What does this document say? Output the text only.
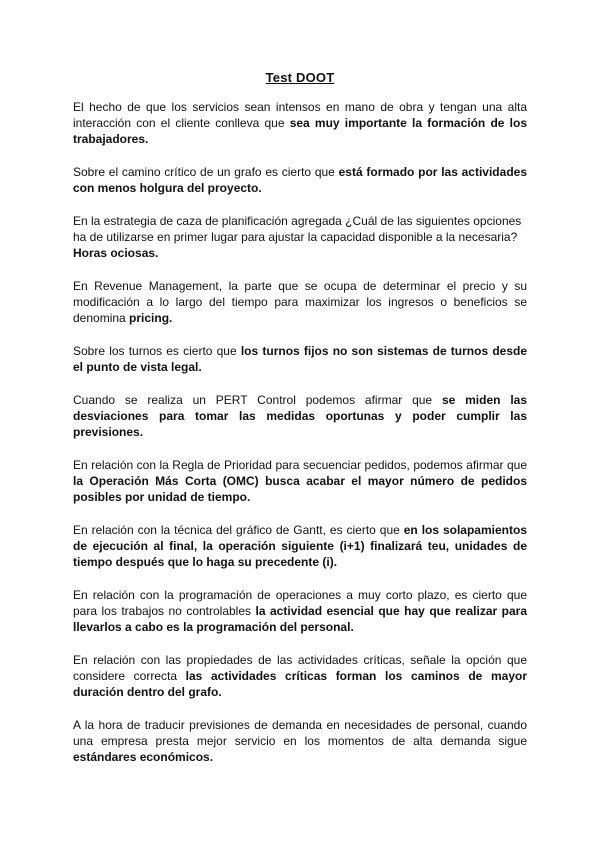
Test DOOT

El hecho de que los servicios sean intensos en mano de obra y tengan una alta interacción con el cliente conlleva que sea muy importante la formación de los trabajadores.

Sobre el camino crítico de un grafo es cierto que está formado por las actividades con menos holgura del proyecto.

En la estrategia de caza de planificación agregada ¿Cuál de las siguientes opciones ha de utilizarse en primer lugar para ajustar la capacidad disponible a la necesaria? Horas ociosas.

En Revenue Management, la parte que se ocupa de determinar el precio y su modificación a lo largo del tiempo para maximizar los ingresos o beneficios se denomina pricing.

Sobre los turnos es cierto que los turnos fijos no son sistemas de turnos desde el punto de vista legal.

Cuando se realiza un PERT Control podemos afirmar que se miden las desviaciones para tomar las medidas oportunas y poder cumplir las previsiones.

En relación con la Regla de Prioridad para secuenciar pedidos, podemos afirmar que la Operación Más Corta (OMC) busca acabar el mayor número de pedidos posibles por unidad de tiempo.

En relación con la técnica del gráfico de Gantt, es cierto que en los solapamientos de ejecución al final, la operación siguiente (i+1) finalizará teu, unidades de tiempo después que lo haga su precedente (i).

En relación con la programación de operaciones a muy corto plazo, es cierto que para los trabajos no controlables la actividad esencial que hay que realizar para llevarlos a cabo es la programación del personal.

En relación con las propiedades de las actividades críticas, señale la opción que considere correcta las actividades críticas forman los caminos de mayor duración dentro del grafo.

A la hora de traducir previsiones de demanda en necesidades de personal, cuando una empresa presta mejor servicio en los momentos de alta demanda sigue estándares económicos.
